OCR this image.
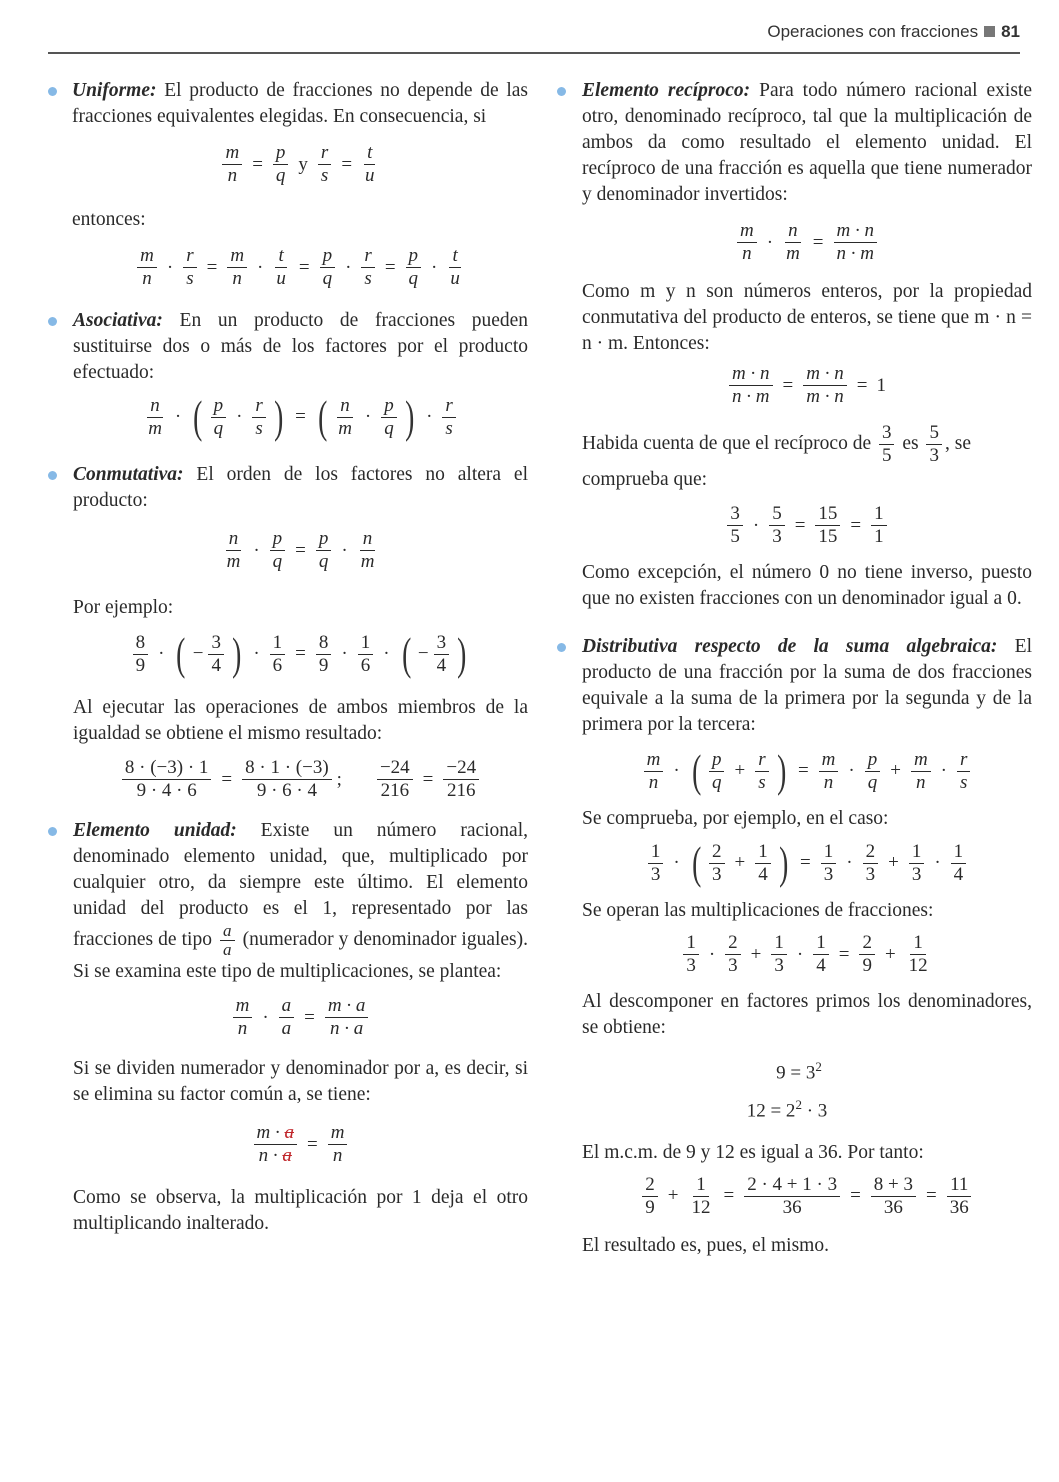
Operaciones con fracciones 81

Uniforme: El producto de fracciones no depende de las fracciones equivalentes elegidas. En consecuencia, si

$\frac{m}{n} = \frac{p}{q}$ y $\frac{r}{s} = \frac{t}{u}$

entonces:

m
n
· $\frac{r}{s} = \frac{m}{n} \cdot \frac{t}{u} = \frac{p}{q} \cdot \frac{r}{s} = \frac{p}{q}$ ·
t
u

Asociativa: En un producto de fracciones pueden sustituirse dos o más de los factores por el producto efectuado:

n
m
· ( p
q
·
r
s ) = ( n
m
·
p
q ) ·
r
s

Conmutativa: El orden de los factores no altera el producto:

n
m
· $\frac{p}{q} = \frac{p}{q}$ ·
n
m

Por ejemplo:

8
9
· ( − $\frac{3}{4}$ ) · $\frac{1}{6} = \frac{8}{9}$ ·
1
6
· ( − $\frac{3}{4}$ )

Al ejecutar las operaciones de ambos miembros de la igualdad se obtiene el mismo resultado:

$\frac{8 \cdot (-3) \cdot 1}{9 \cdot 4 \cdot 6} = \frac{8 \cdot 1 \cdot (-3)}{9 \cdot 6 \cdot 4}$ ; $\frac{-24}{216} = \frac{-24}{216}$

Elemento unidad: Existe un número racional, denominado elemento unidad, que, multiplicado por cualquier otro, da siempre este último. El elemento unidad del producto es el 1, representado por las fracciones de tipo $\frac{a}{a}$ (numerador y denominador iguales). Si se examina este tipo de multiplicaciones, se plantea:

m
n
· $\frac{a}{a} = \frac{m \cdot a}{n \cdot a}$

Si se dividen numerador y denominador por a, es decir, si se elimina su factor común a, se tiene:

$\frac{m \cdot a}{n \cdot a} = \frac{m}{n}$

Como se observa, la multiplicación por 1 deja el otro multiplicando inalterado.

Elemento recíproco: Para todo número racional existe otro, denominado recíproco, tal que la multiplicación de ambos da como resultado el elemento unidad. El recíproco de una fracción es aquella que tiene numerador y denominador invertidos:

m
n
· $\frac{n}{m} = \frac{m \cdot n}{n \cdot m}$

Como m y n son números enteros, por la propiedad conmutativa del producto de enteros, se tiene que m · n = n · m. Entonces:

$\frac{m \cdot n}{n \cdot m} = \frac{m \cdot n}{m \cdot n} = 1$

Habida cuenta de que el recíproco de $\frac{3}{5}$ es $\frac{5}{3}$ , se
comprueba que:

3
5
· $\frac{5}{3} = \frac{15}{15} = \frac{1}{1}$

Como excepción, el número 0 no tiene inverso, puesto que no existen fracciones con un denominador igual a 0.

Distributiva respecto de la suma algebraica: El producto de una fracción por la suma de dos fracciones equivale a la suma de la primera por la segunda y de la primera por la tercera:

m
n
· ( p
q
+ $\frac{r}{s}$ ) = $\frac{m}{n}$ ·
p
q
+ $\frac{m}{n}$ ·
r
s

Se comprueba, por ejemplo, en el caso:

1
3
· ( 2
3
+ $\frac{1}{4}$ ) = $\frac{1}{3}$ ·
2
3
+ $\frac{1}{3}$ ·
1
4

Se operan las multiplicaciones de fracciones:

1
3
·
2
3
+ $\frac{1}{3} \cdot \frac{1}{4} = \frac{2}{9} + \frac{1}{12}$

Al descomponer en factores primos los denominadores, se obtiene:

$9 = 3^2$
$12 = 2^2 \cdot 3$

El m.c.m. de 9 y 12 es igual a 36. Por tanto:

2
9
+ $\frac{1}{12} = \frac{2 \cdot 4 + 1 \cdot 3}{36} = \frac{8 + 3}{36} = \frac{11}{36}$

El resultado es, pues, el mismo.
